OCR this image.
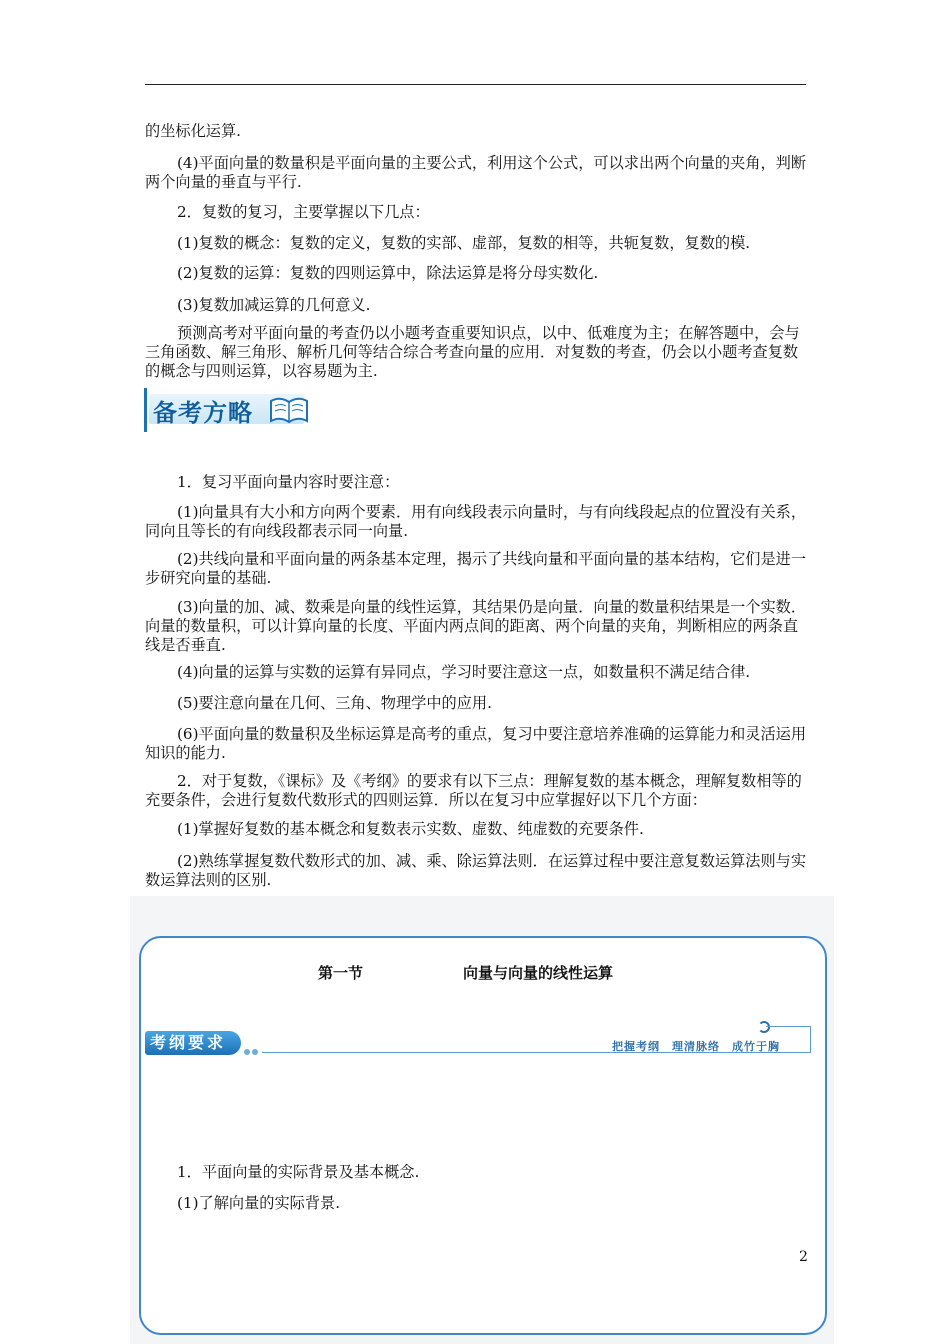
的坐标化运算.

(4)平面向量的数量积是平面向量的主要公式，利用这个公式，可以求出两个向量的夹角，判断两个向量的垂直与平行.

2．复数的复习，主要掌握以下几点：

(1)复数的概念：复数的定义，复数的实部、虚部，复数的相等，共轭复数，复数的模.

(2)复数的运算：复数的四则运算中，除法运算是将分母实数化.

(3)复数加减运算的几何意义.

预测高考对平面向量的考查仍以小题考查重要知识点，以中、低难度为主；在解答题中，会与三角函数、解三角形、解析几何等结合综合考查向量的应用．对复数的考查，仍会以小题考查复数的概念与四则运算，以容易题为主.

备考方略

1．复习平面向量内容时要注意：

(1)向量具有大小和方向两个要素．用有向线段表示向量时，与有向线段起点的位置没有关系，同向且等长的有向线段都表示同一向量.

(2)共线向量和平面向量的两条基本定理，揭示了共线向量和平面向量的基本结构，它们是进一步研究向量的基础.

(3)向量的加、减、数乘是向量的线性运算，其结果仍是向量．向量的数量积结果是一个实数．向量的数量积，可以计算向量的长度、平面内两点间的距离、两个向量的夹角，判断相应的两条直线是否垂直.

(4)向量的运算与实数的运算有异同点，学习时要注意这一点，如数量积不满足结合律.

(5)要注意向量在几何、三角、物理学中的应用.

(6)平面向量的数量积及坐标运算是高考的重点，复习中要注意培养准确的运算能力和灵活运用知识的能力.

2．对于复数，《课标》及《考纲》的要求有以下三点：理解复数的基本概念，理解复数相等的充要条件，会进行复数代数形式的四则运算．所以在复习中应掌握好以下几个方面：

(1)掌握好复数的基本概念和复数表示实数、虚数、纯虚数的充要条件.

(2)熟练掌握复数代数形式的加、减、乘、除运算法则．在运算过程中要注意复数运算法则与实数运算法则的区别.

第一节	向量与向量的线性运算
考纲要求	把握考纲　理清脉络　成竹于胸

1．平面向量的实际背景及基本概念.

(1)了解向量的实际背景.

2
